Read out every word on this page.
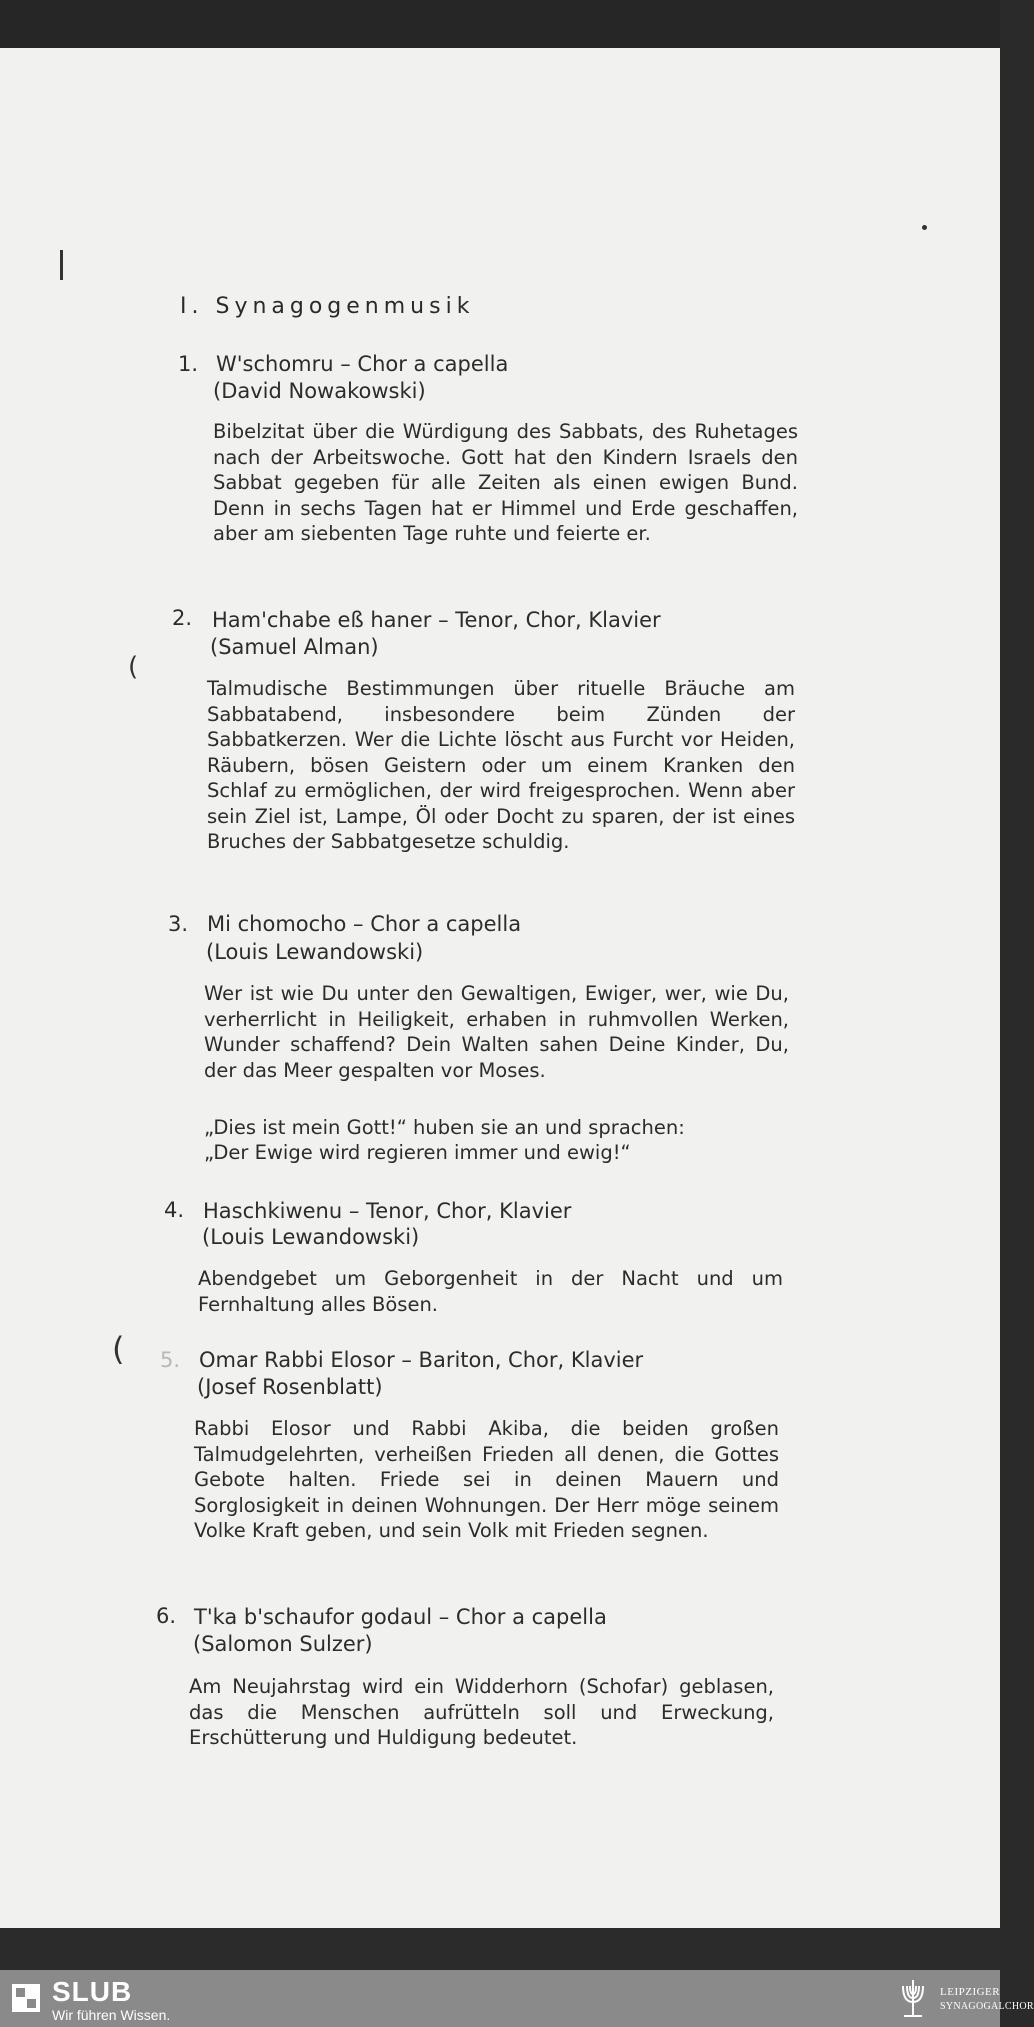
(
(
I. Synagogenmusik
1. W'schomru – Chor a capella
(David Nowakowski)
Bibelzitat über die Würdigung des Sabbats, des Ruhetages nach der Arbeitswoche. Gott hat den Kindern Israels den Sabbat gegeben für alle Zeiten als einen ewigen Bund. Denn in sechs Tagen hat er Himmel und Erde geschaffen, aber am siebenten Tage ruhte und feierte er.
2. Ham'chabe eß haner – Tenor, Chor, Klavier
(Samuel Alman)
Talmudische Bestimmungen über rituelle Bräuche am Sabbatabend, insbesondere beim Zünden der Sabbatkerzen. Wer die Lichte löscht aus Furcht vor Heiden, Räubern, bösen Geistern oder um einem Kranken den Schlaf zu ermöglichen, der wird freigesprochen. Wenn aber sein Ziel ist, Lampe, Öl oder Docht zu sparen, der ist eines Bruches der Sabbatgesetze schuldig.
3. Mi chomocho – Chor a capella
(Louis Lewandowski)
Wer ist wie Du unter den Gewaltigen, Ewiger, wer, wie Du, verherrlicht in Heiligkeit, erhaben in ruhmvollen Werken, Wunder schaffend? Dein Walten sahen Deine Kinder, Du, der das Meer gespalten vor Moses.
„Dies ist mein Gott!“ huben sie an und sprachen:
„Der Ewige wird regieren immer und ewig!“
4. Haschkiwenu – Tenor, Chor, Klavier
(Louis Lewandowski)
Abendgebet um Geborgenheit in der Nacht und um Fernhaltung alles Bösen.
5. Omar Rabbi Elosor – Bariton, Chor, Klavier
(Josef Rosenblatt)
Rabbi Elosor und Rabbi Akiba, die beiden großen Talmudgelehrten, verheißen Frieden all denen, die Gottes Gebote halten. Friede sei in deinen Mauern und Sorglosigkeit in deinen Wohnungen. Der Herr möge seinem Volke Kraft geben, und sein Volk mit Frieden segnen.
6. T'ka b'schaufor godaul – Chor a capella
(Salomon Sulzer)
Am Neujahrstag wird ein Widderhorn (Schofar) geblasen, das die Menschen aufrütteln soll und Erweckung, Erschütterung und Huldigung bedeutet.
SLUB
Wir führen Wissen.
LEIPZIGER
SYNAGOGALCHOR
